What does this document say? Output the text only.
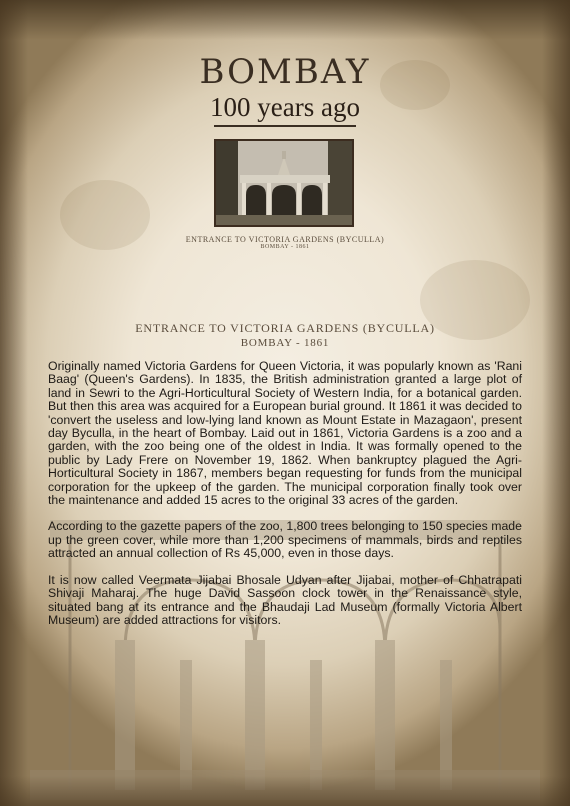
BOMBAY
100 years ago
ENTRANCE TO VICTORIA GARDENS (BYCULLA)
BOMBAY - 1861
ENTRANCE TO VICTORIA GARDENS (BYCULLA)
BOMBAY - 1861

Originally named Victoria Gardens for Queen Victoria, it was popularly known as 'Rani Baag' (Queen's Gardens). In 1835, the British administration granted a large plot of land in Sewri to the Agri-Horticultural Society of Western India, for a botanical garden. But then this area was acquired for a European burial ground. It 1861 it was decided to 'convert the useless and low-lying land known as Mount Estate in Mazagaon', present day Byculla, in the heart of Bombay. Laid out in 1861, Victoria Gardens is a zoo and a garden, with the zoo being one of the oldest in India. It was formally opened to the public by Lady Frere on November 19, 1862. When bankruptcy plagued the Agri-Horticultural Society in 1867, members began requesting for funds from the municipal corporation for the upkeep of the garden. The municipal corporation finally took over the maintenance and added 15 acres to the original 33 acres of the garden.

According to the gazette papers of the zoo, 1,800 trees belonging to 150 species made up the green cover, while more than 1,200 specimens of mammals, birds and reptiles attracted an annual collection of Rs 45,000, even in those days.

It is now called Veermata Jijabai Bhosale Udyan after Jijabai, mother of Chhatrapati Shivaji Maharaj. The huge David Sassoon clock tower in the Renaissance style, situated bang at its entrance and the Bhaudaji Lad Museum (formally Victoria Albert Museum) are added attractions for visitors.
